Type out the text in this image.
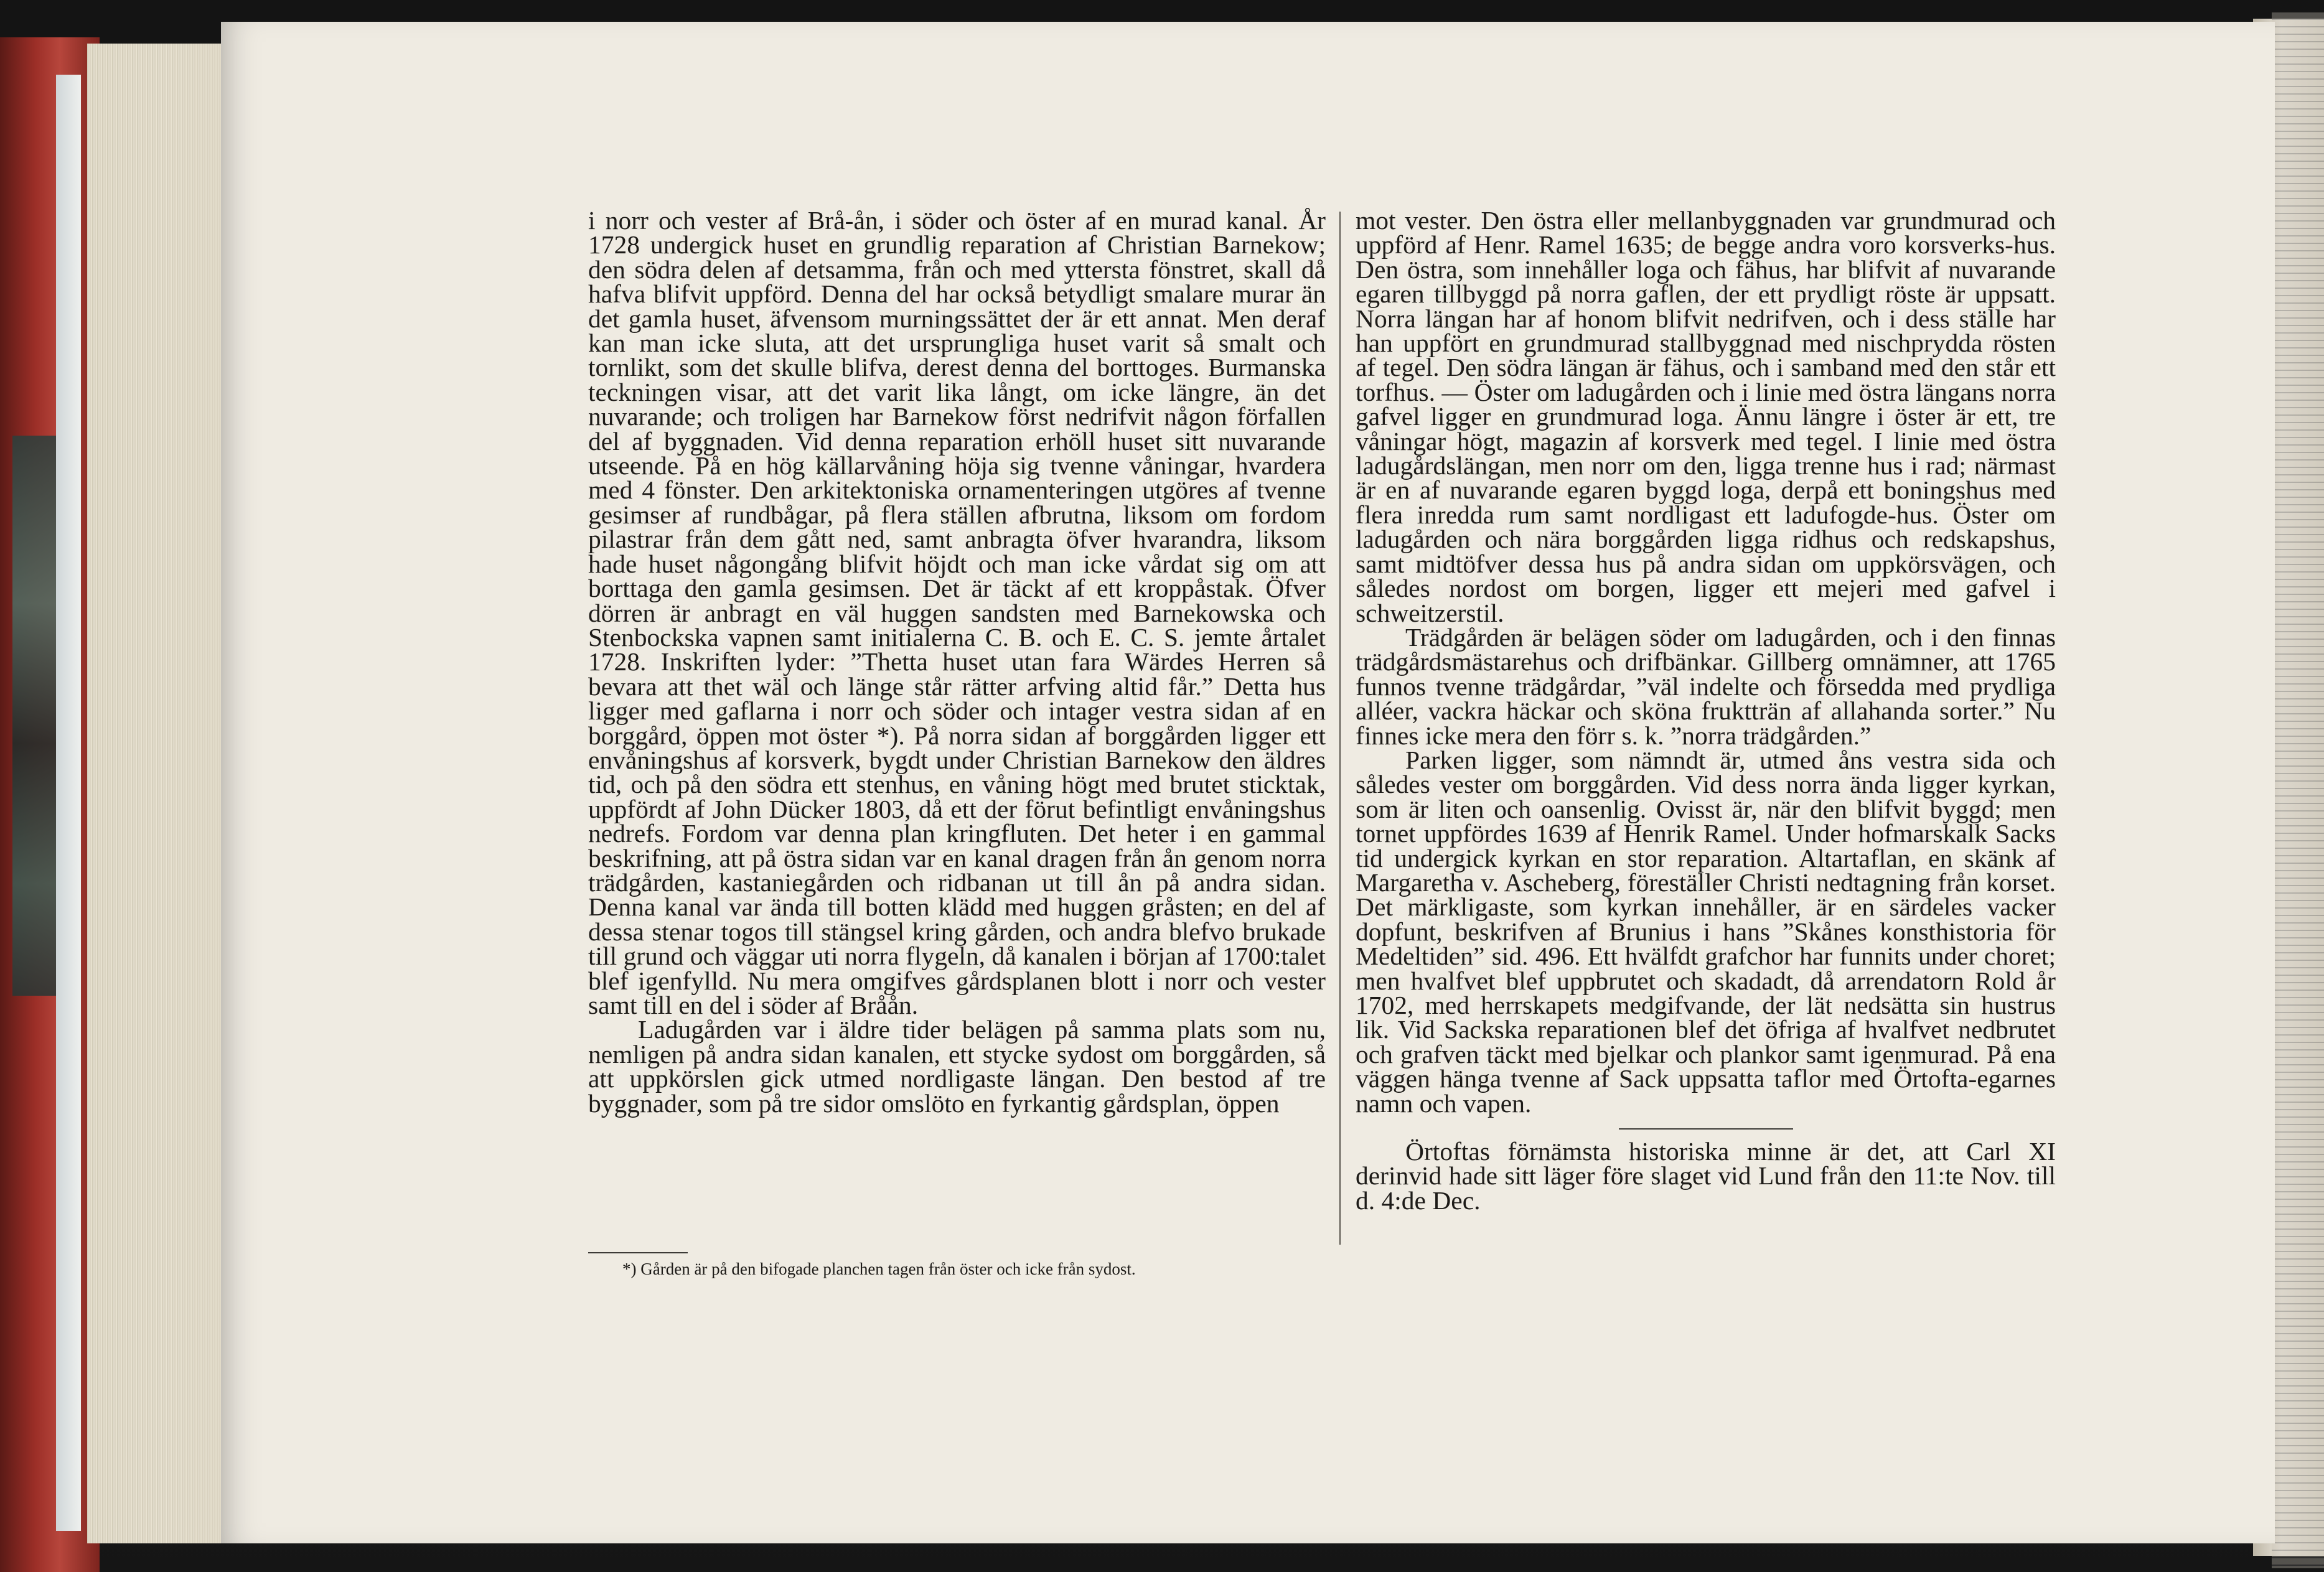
i norr och vester af Brå-ån, i söder och öster af en murad kanal. År 1728 undergick huset en grundlig reparation af Christian Barnekow; den södra delen af detsamma, från och med yttersta fönstret, skall då hafva blifvit uppförd. Denna del har också betydligt smalare murar än det gamla huset, äfvensom murningssättet der är ett annat. Men deraf kan man icke sluta, att det ursprungliga huset varit så smalt och tornlikt, som det skulle blifva, derest denna del borttoges. Burmanska teckningen visar, att det varit lika långt, om icke längre, än det nuvarande; och troligen har Barnekow först nedrifvit någon förfallen del af byggnaden. Vid denna reparation erhöll huset sitt nuvarande utseende. På en hög källarvåning höja sig tvenne våningar, hvardera med 4 fönster. Den arkitektoniska ornamenteringen utgöres af tvenne gesimser af rundbågar, på flera ställen afbrutna, liksom om fordom pilastrar från dem gått ned, samt anbragta öfver hvarandra, liksom hade huset någongång blifvit höjdt och man icke vårdat sig om att borttaga den gamla gesimsen. Det är täckt af ett kroppåstak. Öfver dörren är anbragt en väl huggen sandsten med Barnekowska och Stenbockska vapnen samt initialerna C. B. och E. C. S. jemte årtalet 1728. Inskriften lyder: ”Thetta huset utan fara Wärdes Herren så bevara att thet wäl och länge står rätter arfving altid får.” Detta hus ligger med gaflarna i norr och söder och intager vestra sidan af en borggård, öppen mot öster *). På norra sidan af borggården ligger ett envåningshus af korsverk, bygdt under Christian Barnekow den äldres tid, och på den södra ett stenhus, en våning högt med brutet sticktak, uppfördt af John Dücker 1803, då ett der förut befintligt envåningshus nedrefs. Fordom var denna plan kringfluten. Det heter i en gammal beskrifning, att på östra sidan var en kanal dragen från ån genom norra trädgården, kastaniegården och ridbanan ut till ån på andra sidan. Denna kanal var ända till botten klädd med huggen gråsten; en del af dessa stenar togos till stängsel kring gården, och andra blefvo brukade till grund och väggar uti norra flygeln, då kanalen i början af 1700:talet blef igenfylld. Nu mera omgifves gårdsplanen blott i norr och vester samt till en del i söder af Bråån.

Ladugården var i äldre tider belägen på samma plats som nu, nemligen på andra sidan kanalen, ett stycke sydost om borggården, så att uppkörslen gick utmed nordligaste längan. Den bestod af tre byggnader, som på tre sidor omslöto en fyrkantig gårdsplan, öppen

mot vester. Den östra eller mellanbyggnaden var grundmurad och uppförd af Henr. Ramel 1635; de begge andra voro korsverks-hus. Den östra, som innehåller loga och fähus, har blifvit af nuvarande egaren tillbyggd på norra gaflen, der ett prydligt röste är uppsatt. Norra längan har af honom blifvit nedrifven, och i dess ställe har han uppfört en grundmurad stallbyggnad med nischprydda rösten af tegel. Den södra längan är fähus, och i samband med den står ett torfhus. — Öster om ladugården och i linie med östra längans norra gafvel ligger en grundmurad loga. Ännu längre i öster är ett, tre våningar högt, magazin af korsverk med tegel. I linie med östra ladugårdslängan, men norr om den, ligga trenne hus i rad; närmast är en af nuvarande egaren byggd loga, derpå ett boningshus med flera inredda rum samt nordligast ett ladufogde-hus. Öster om ladugården och nära borggården ligga ridhus och redskapshus, samt midtöfver dessa hus på andra sidan om uppkörsvägen, och således nordost om borgen, ligger ett mejeri med gafvel i schweitzerstil.

Trädgården är belägen söder om ladugården, och i den finnas trädgårdsmästarehus och drifbänkar. Gillberg omnämner, att 1765 funnos tvenne trädgårdar, ”väl indelte och försedda med prydliga alléer, vackra häckar och sköna fruktträn af allahanda sorter.” Nu finnes icke mera den förr s. k. ”norra trädgården.”

Parken ligger, som nämndt är, utmed åns vestra sida och således vester om borggården. Vid dess norra ända ligger kyrkan, som är liten och oansenlig. Ovisst är, när den blifvit byggd; men tornet uppfördes 1639 af Henrik Ramel. Under hofmarskalk Sacks tid undergick kyrkan en stor reparation. Altartaflan, en skänk af Margaretha v. Ascheberg, föreställer Christi nedtagning från korset. Det märkligaste, som kyrkan innehåller, är en särdeles vacker dopfunt, beskrifven af Brunius i hans ”Skånes konsthistoria för Medeltiden” sid. 496. Ett hvälfdt grafchor har funnits under choret; men hvalfvet blef uppbrutet och skadadt, då arrendatorn Rold år 1702, med herrskapets medgifvande, der lät nedsätta sin hustrus lik. Vid Sackska reparationen blef det öfriga af hvalfvet nedbrutet och grafven täckt med bjelkar och plankor samt igenmurad. På ena väggen hänga tvenne af Sack uppsatta taflor med Örtofta-egarnes namn och vapen.

Örtoftas förnämsta historiska minne är det, att Carl XI derinvid hade sitt läger före slaget vid Lund från den 11:te Nov. till d. 4:de Dec.

*) Gården är på den bifogade planchen tagen från öster och icke från sydost.
